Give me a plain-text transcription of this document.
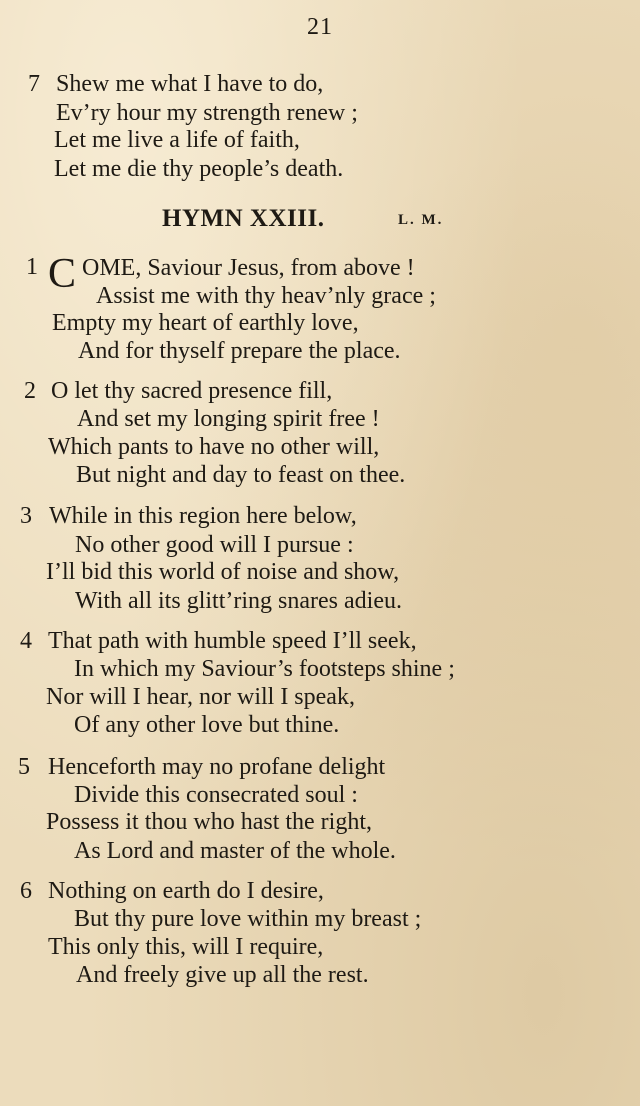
21
7 Shew me what I have to do,
Ev’ry hour my strength renew ;
Let me live a life of faith,
Let me die thy people’s death.
HYMN XXIII.	L. M.
1 C OME, Saviour Jesus, from above !
Assist me with thy heav’nly grace ;
Empty my heart of earthly love,
And for thyself prepare the place.
2 O let thy sacred presence fill,
And set my longing spirit free !
Which pants to have no other will,
But night and day to feast on thee.
3 While in this region here below,
No other good will I pursue :
I’ll bid this world of noise and show,
With all its glitt’ring snares adieu.
4 That path with humble speed I’ll seek,
In which my Saviour’s footsteps shine ;
Nor will I hear, nor will I speak,
Of any other love but thine.
5 Henceforth may no profane delight
Divide this consecrated soul :
Possess it thou who hast the right,
As Lord and master of the whole.
6 Nothing on earth do I desire,
But thy pure love within my breast ;
This only this, will I require,
And freely give up all the rest.
